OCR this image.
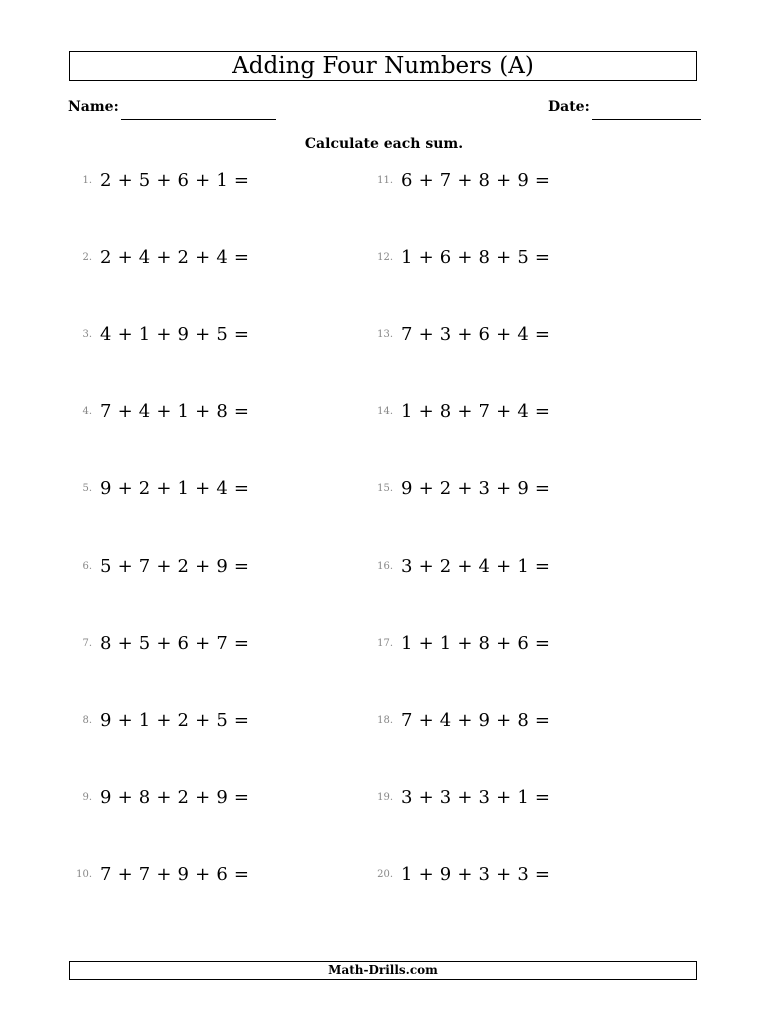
Adding Four Numbers (A)
Name:	Date:
Calculate each sum.
1. 2 + 5 + 6 + 1 =
2. 2 + 4 + 2 + 4 =
3. 4 + 1 + 9 + 5 =
4. 7 + 4 + 1 + 8 =
5. 9 + 2 + 1 + 4 =
6. 5 + 7 + 2 + 9 =
7. 8 + 5 + 6 + 7 =
8. 9 + 1 + 2 + 5 =
9. 9 + 8 + 2 + 9 =
10. 7 + 7 + 9 + 6 =
11. 6 + 7 + 8 + 9 =
12. 1 + 6 + 8 + 5 =
13. 7 + 3 + 6 + 4 =
14. 1 + 8 + 7 + 4 =
15. 9 + 2 + 3 + 9 =
16. 3 + 2 + 4 + 1 =
17. 1 + 1 + 8 + 6 =
18. 7 + 4 + 9 + 8 =
19. 3 + 3 + 3 + 1 =
20. 1 + 9 + 3 + 3 =
Math-Drills.com
